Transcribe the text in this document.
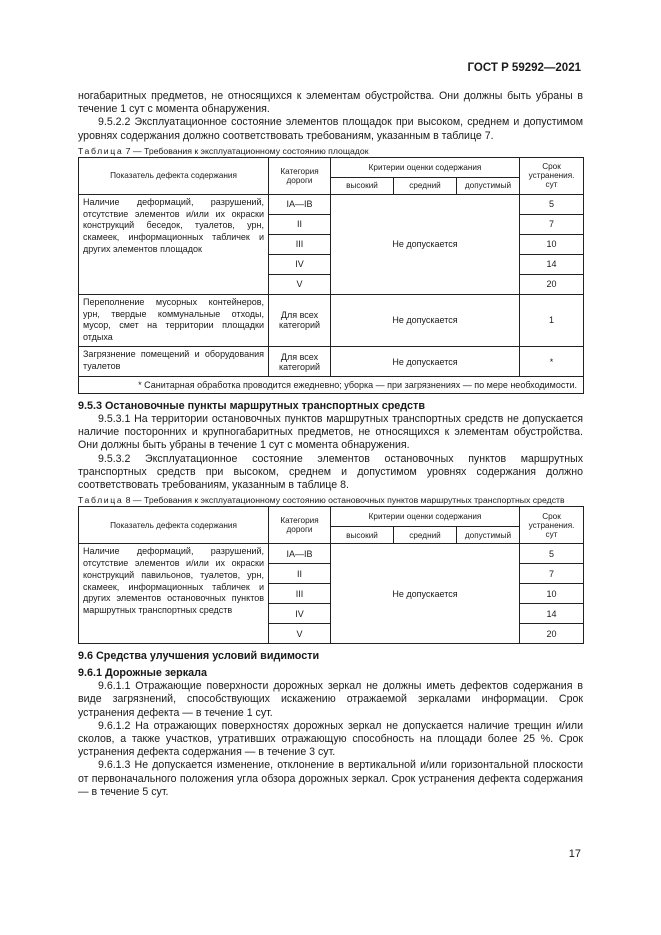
ГОСТ Р 59292—2021

ногабаритных предметов, не относящихся к элементам обустройства. Они должны быть убраны в течение 1 сут с момента обнаружения.

9.5.2.2 Эксплуатационное состояние элементов площадок при высоком, среднем и допустимом уровнях содержания должно соответствовать требованиям, указанным в таблице 7.

Таблица 7 — Требования к эксплуатационному состоянию площадок
Показатель дефекта содержания	Категория дороги	Критерии оценки содержания			Срок устранения. сут
		высокий	средний	допустимый	
Наличие деформаций, разрушений, отсутствие элементов и/или их окраски конструкций беседок, туалетов, урн, скамеек, информационных табличек и других элементов площадок	IA—IB	Не допускается			5
	II				7
	III				10
	IV				14
	V				20
Переполнение мусорных контейнеров, урн, твердые коммунальные отходы, мусор, смет на территории площадки отдыха	Для всех категорий	Не допускается			1
Загрязнение помещений и оборудования туалетов	Для всех категорий	Не допускается			*
* Санитарная обработка проводится ежедневно; уборка — при загрязнениях — по мере необходимости.					

9.5.3 Остановочные пункты маршрутных транспортных средств

9.5.3.1 На территории остановочных пунктов маршрутных транспортных средств не допускается наличие посторонних и крупногабаритных предметов, не относящихся к элементам обустройства. Они должны быть убраны в течение 1 сут с момента обнаружения.

9.5.3.2 Эксплуатационное состояние элементов остановочных пунктов маршрутных транспортных средств при высоком, среднем и допустимом уровнях содержания должно соответствовать требованиям, указанным в таблице 8.

Таблица 8 — Требования к эксплуатационному состоянию остановочных пунктов маршрутных транспортных средств
Показатель дефекта содержания	Категория дороги	Критерии оценки содержания			Срок устранения. сут
		высокий	средний	допустимый	
Наличие деформаций, разрушений, отсутствие элементов и/или их окраски конструкций павильонов, туалетов, урн, скамеек, информационных табличек и других элементов остановочных пунктов маршрутных транспортных средств	IA—IB	Не допускается			5
	II				7
	III				10
	IV				14
	V				20

9.6 Средства улучшения условий видимости

9.6.1 Дорожные зеркала

9.6.1.1 Отражающие поверхности дорожных зеркал не должны иметь дефектов содержания в виде загрязнений, способствующих искажению отражаемой зеркалами информации. Срок устранения дефекта — в течение 1 сут.

9.6.1.2 На отражающих поверхностях дорожных зеркал не допускается наличие трещин и/или сколов, а также участков, утративших отражающую способность на площади более 25 %. Срок устранения дефекта содержания — в течение 3 сут.

9.6.1.3 Не допускается изменение, отклонение в вертикальной и/или горизонтальной плоскости от первоначального положения угла обзора дорожных зеркал. Срок устранения дефекта содержания — в течение 5 сут.

17
